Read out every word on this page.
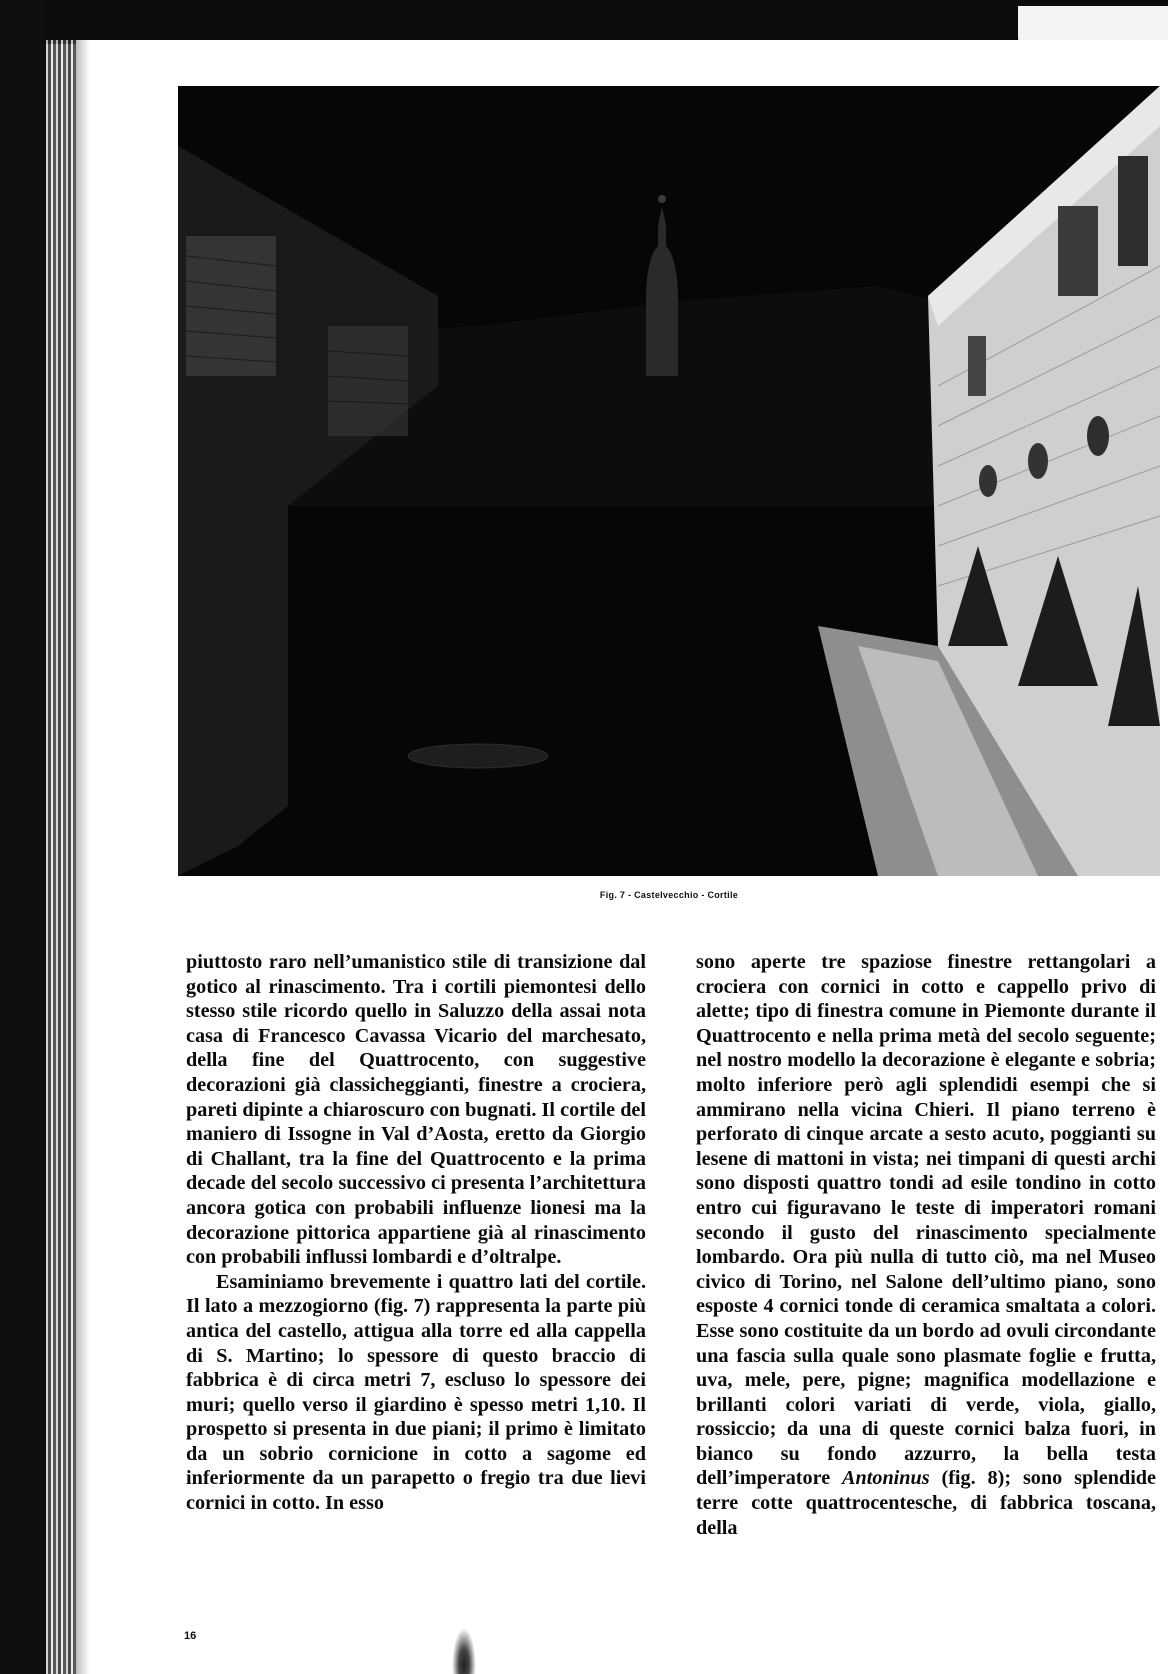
Fig. 7 - Castelvecchio - Cortile

piuttosto raro nell’umanistico stile di transizione dal gotico al rinascimento. Tra i cortili piemontesi dello stesso stile ricordo quello in Saluzzo della assai nota casa di Francesco Cavassa Vicario del marchesato, della fine del Quattrocento, con suggestive decorazioni già classicheggianti, finestre a crociera, pareti dipinte a chiaroscuro con bugnati. Il cortile del maniero di Issogne in Val d’Aosta, eretto da Giorgio di Challant, tra la fine del Quattrocento e la prima decade del secolo successivo ci presenta l’architettura ancora gotica con probabili influenze lionesi ma la decorazione pittorica appartiene già al rinascimento con probabili influssi lombardi e d’oltralpe.

Esaminiamo brevemente i quattro lati del cortile. Il lato a mezzogiorno (fig. 7) rappresenta la parte più antica del castello, attigua alla torre ed alla cappella di S. Martino; lo spessore di questo braccio di fabbrica è di circa metri 7, escluso lo spessore dei muri; quello verso il giardino è spesso metri 1,10. Il prospetto si presenta in due piani; il primo è limitato da un sobrio cornicione in cotto a sagome ed inferiormente da un parapetto o fregio tra due lievi cornici in cotto. In esso

sono aperte tre spaziose finestre rettangolari a crociera con cornici in cotto e cappello privo di alette; tipo di finestra comune in Piemonte durante il Quattrocento e nella prima metà del secolo seguente; nel nostro modello la decorazione è elegante e sobria; molto inferiore però agli splendidi esempi che si ammirano nella vicina Chieri. Il piano terreno è perforato di cinque arcate a sesto acuto, poggianti su lesene di mattoni in vista; nei timpani di questi archi sono disposti quattro tondi ad esile tondino in cotto entro cui figuravano le teste di imperatori romani secondo il gusto del rinascimento specialmente lombardo. Ora più nulla di tutto ciò, ma nel Museo civico di Torino, nel Salone dell’ultimo piano, sono esposte 4 cornici tonde di ceramica smaltata a colori. Esse sono costituite da un bordo ad ovuli circondante una fascia sulla quale sono plasmate foglie e frutta, uva, mele, pere, pigne; magnifica modellazione e brillanti colori variati di verde, viola, giallo, rossiccio; da una di queste cornici balza fuori, in bianco su fondo azzurro, la bella testa dell’imperatore Antoninus (fig. 8); sono splendide terre cotte quattrocentesche, di fabbrica toscana, della

16
